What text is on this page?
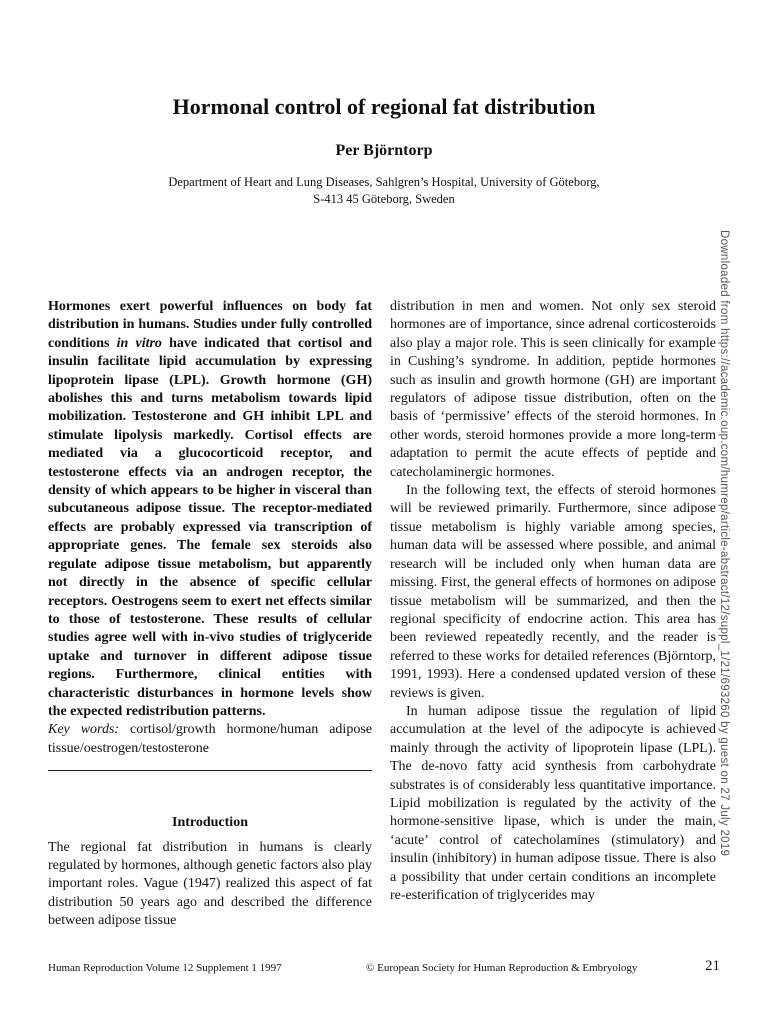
Hormonal control of regional fat distribution
Per Björntorp
Department of Heart and Lung Diseases, Sahlgren’s Hospital, University of Göteborg,
S-413 45 Göteborg, Sweden

Hormones exert powerful influences on body fat distribution in humans. Studies under fully controlled conditions in vitro have indicated that cortisol and insulin facilitate lipid accumulation by expressing lipoprotein lipase (LPL). Growth hormone (GH) abolishes this and turns metabolism towards lipid mobilization. Testosterone and GH inhibit LPL and stimulate lipolysis markedly. Cortisol effects are mediated via a glucocorticoid receptor, and testosterone effects via an androgen receptor, the density of which appears to be higher in visceral than subcutaneous adipose tissue. The receptor-mediated effects are probably expressed via transcription of appropriate genes. The female sex steroids also regulate adipose tissue metabolism, but apparently not directly in the absence of specific cellular receptors. Oestrogens seem to exert net effects similar to those of testosterone. These results of cellular studies agree well with in-vivo studies of triglyceride uptake and turnover in different adipose tissue regions. Furthermore, clinical entities with characteristic disturbances in hormone levels show the expected redistribution patterns.

Key words: cortisol/growth hormone/human adipose tissue/oestrogen/testosterone

Introduction

The regional fat distribution in humans is clearly regulated by hormones, although genetic factors also play important roles. Vague (1947) realized this aspect of fat distribution 50 years ago and described the difference between adipose tissue

distribution in men and women. Not only sex steroid hormones are of importance, since adrenal corticosteroids also play a major role. This is seen clinically for example in Cushing’s syndrome. In addition, peptide hormones such as insulin and growth hormone (GH) are important regulators of adipose tissue distribution, often on the basis of ‘permissive’ effects of the steroid hormones. In other words, steroid hormones provide a more long-term adaptation to permit the acute effects of peptide and catecholaminergic hormones.

In the following text, the effects of steroid hormones will be reviewed primarily. Furthermore, since adipose tissue metabolism is highly variable among species, human data will be assessed where possible, and animal research will be included only when human data are missing. First, the general effects of hormones on adipose tissue metabolism will be summarized, and then the regional specificity of endocrine action. This area has been reviewed repeatedly recently, and the reader is referred to these works for detailed references (Björntorp, 1991, 1993). Here a condensed updated version of these reviews is given.

In human adipose tissue the regulation of lipid accumulation at the level of the adipocyte is achieved mainly through the activity of lipoprotein lipase (LPL). The de-novo fatty acid synthesis from carbohydrate substrates is of considerably less quantitative importance. Lipid mobilization is regulated by the activity of the hormone-sensitive lipase, which is under the main, ‘acute’ control of catecholamines (stimulatory) and insulin (inhibitory) in human adipose tissue. There is also a possibility that under certain conditions an incomplete re-esterification of triglycerides may

Human Reproduction Volume 12 Supplement 1 1997	© European Society for Human Reproduction & Embryology	21
Downloaded from https://academic.oup.com/humrep/article-abstract/12/suppl_1/21/693260 by guest on 27 July 2019
